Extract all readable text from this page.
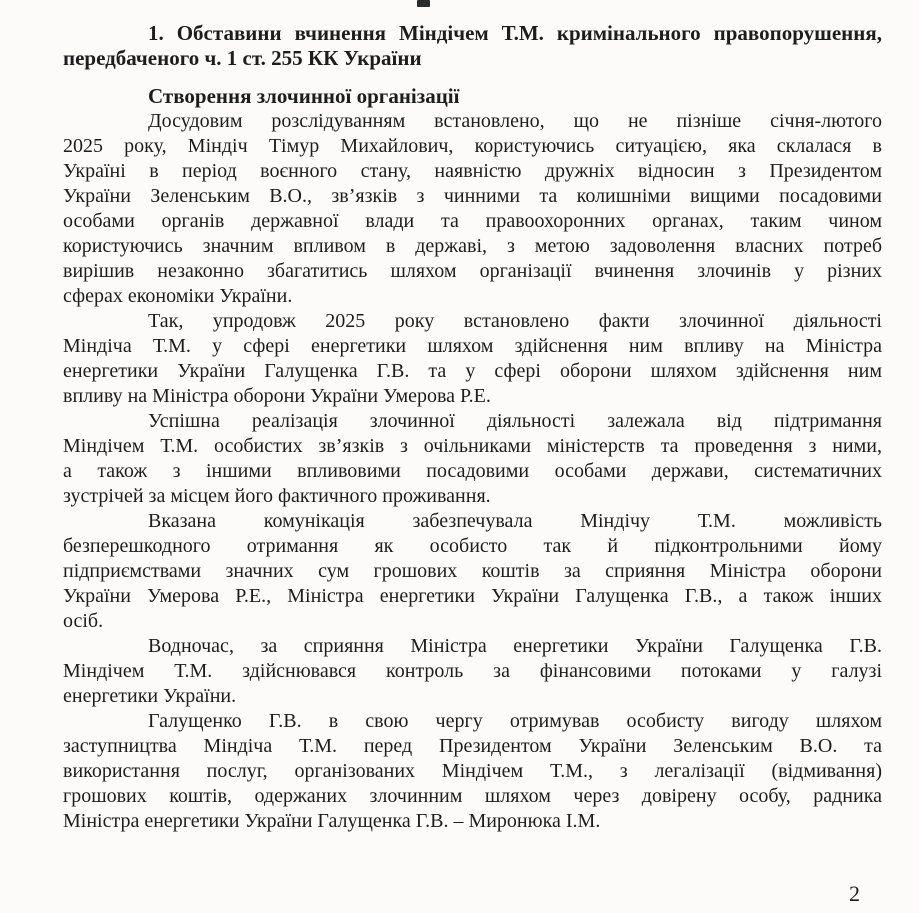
1. Обставини вчинення Міндічем Т.М. кримінального правопорушення,
передбаченого ч. 1 ст. 255 КК України
Створення злочинної організації
Досудовим розслідуванням встановлено, що не пізніше січня-лютого
2025 року, Міндіч Тімур Михайлович, користуючись ситуацією, яка склалася в
Україні в період воєнного стану, наявністю дружніх відносин з Президентом
України Зеленським В.О., зв’язків з чинними та колишніми вищими посадовими
особами органів державної влади та правоохоронних органах, таким чином
користуючись значним впливом в державі, з метою задоволення власних потреб
вирішив незаконно збагатитись шляхом організації вчинення злочинів у різних
сферах економіки України.
Так, упродовж 2025 року встановлено факти злочинної діяльності
Міндіча Т.М. у сфері енергетики шляхом здійснення ним впливу на Міністра
енергетики України Галущенка Г.В. та у сфері оборони шляхом здійснення ним
впливу на Міністра оборони України Умерова Р.Е.
Успішна реалізація злочинної діяльності залежала від підтримання
Міндічем Т.М. особистих зв’язків з очільниками міністерств та проведення з ними,
а також з іншими впливовими посадовими особами держави, систематичних
зустрічей за місцем його фактичного проживання.
Вказана комунікація забезпечувала Міндічу Т.М. можливість
безперешкодного отримання як особисто так й підконтрольними йому
підприємствами значних сум грошових коштів за сприяння Міністра оборони
України Умерова Р.Е., Міністра енергетики України Галущенка Г.В., а також інших
осіб.
Водночас, за сприяння Міністра енергетики України Галущенка Г.В.
Міндічем Т.М. здійснювався контроль за фінансовими потоками у галузі
енергетики України.
Галущенко Г.В. в свою чергу отримував особисту вигоду шляхом
заступництва Міндіча Т.М. перед Президентом України Зеленським В.О. та
використання послуг, організованих Міндічем Т.М., з легалізації (відмивання)
грошових коштів, одержаних злочинним шляхом через довірену особу, радника
Міністра енергетики України Галущенка Г.В. – Миронюка І.М.
2
